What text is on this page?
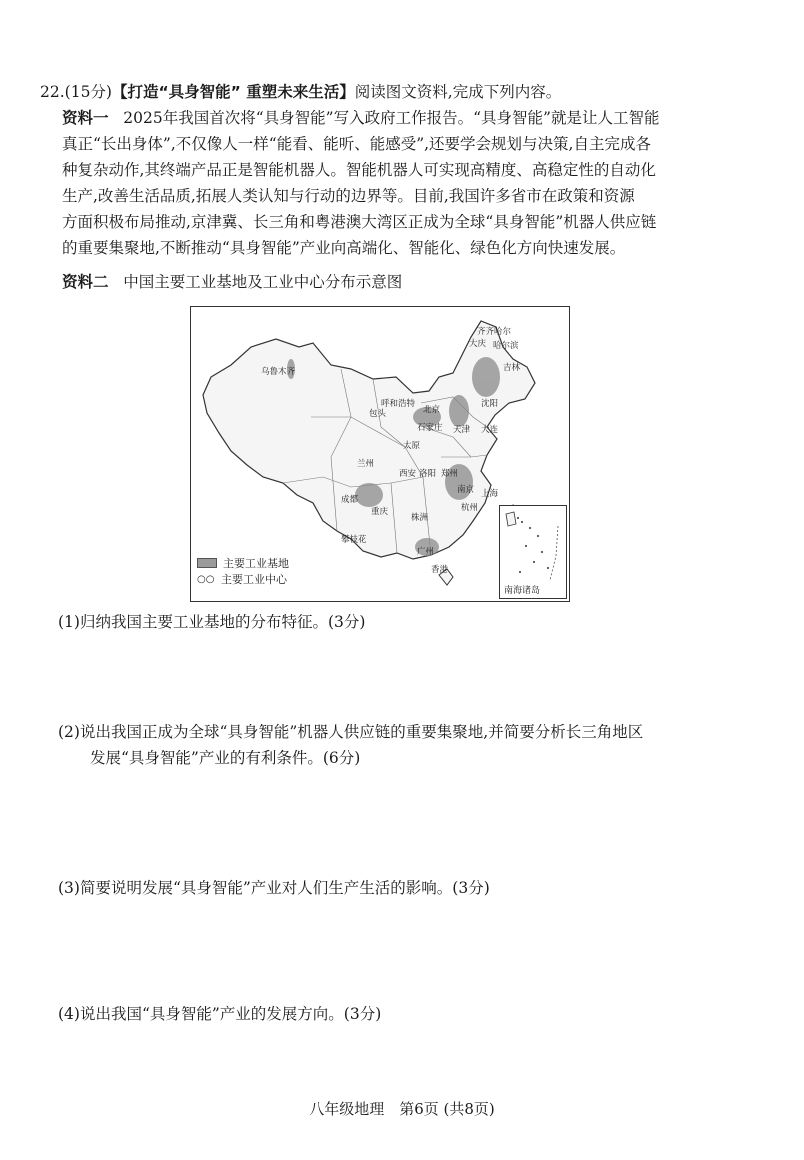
22.(15分)【打造“具身智能” 重塑未来生活】阅读图文资料,完成下列内容。
资料一 2025年我国首次将“具身智能”写入政府工作报告。“具身智能”就是让人工智能
真正“长出身体”,不仅像人一样“能看、能听、能感受”,还要学会规划与决策,自主完成各
种复杂动作,其终端产品正是智能机器人。智能机器人可实现高精度、高稳定性的自动化
生产,改善生活品质,拓展人类认知与行动的边界等。目前,我国许多省市在政策和资源
方面积极布局推动,京津冀、长三角和粤港澳大湾区正成为全球“具身智能”机器人供应链
的重要集聚地,不断推动“具身智能”产业向高端化、智能化、绿色化方向快速发展。
资料二 中国主要工业基地及工业中心分布示意图
齐齐哈尔
大庆 哈尔滨
吉林
沈阳
大连
乌鲁木齐
包头
呼和浩特
北京
天津
石家庄
太原
兰州
西安 洛阳 郑州
成都
重庆
攀枝花
株洲
南京 上海
杭州
广州
香港
南海诸岛
主要工业基地
○○ 主要工业中心
(1)归纳我国主要工业基地的分布特征。(3分)
(2)说出我国正成为全球“具身智能”机器人供应链的重要集聚地,并简要分析长三角地区
发展“具身智能”产业的有利条件。(6分)
(3)简要说明发展“具身智能”产业对人们生产生活的影响。(3分)
(4)说出我国“具身智能”产业的发展方向。(3分)
八年级地理　第6页 (共8页)
